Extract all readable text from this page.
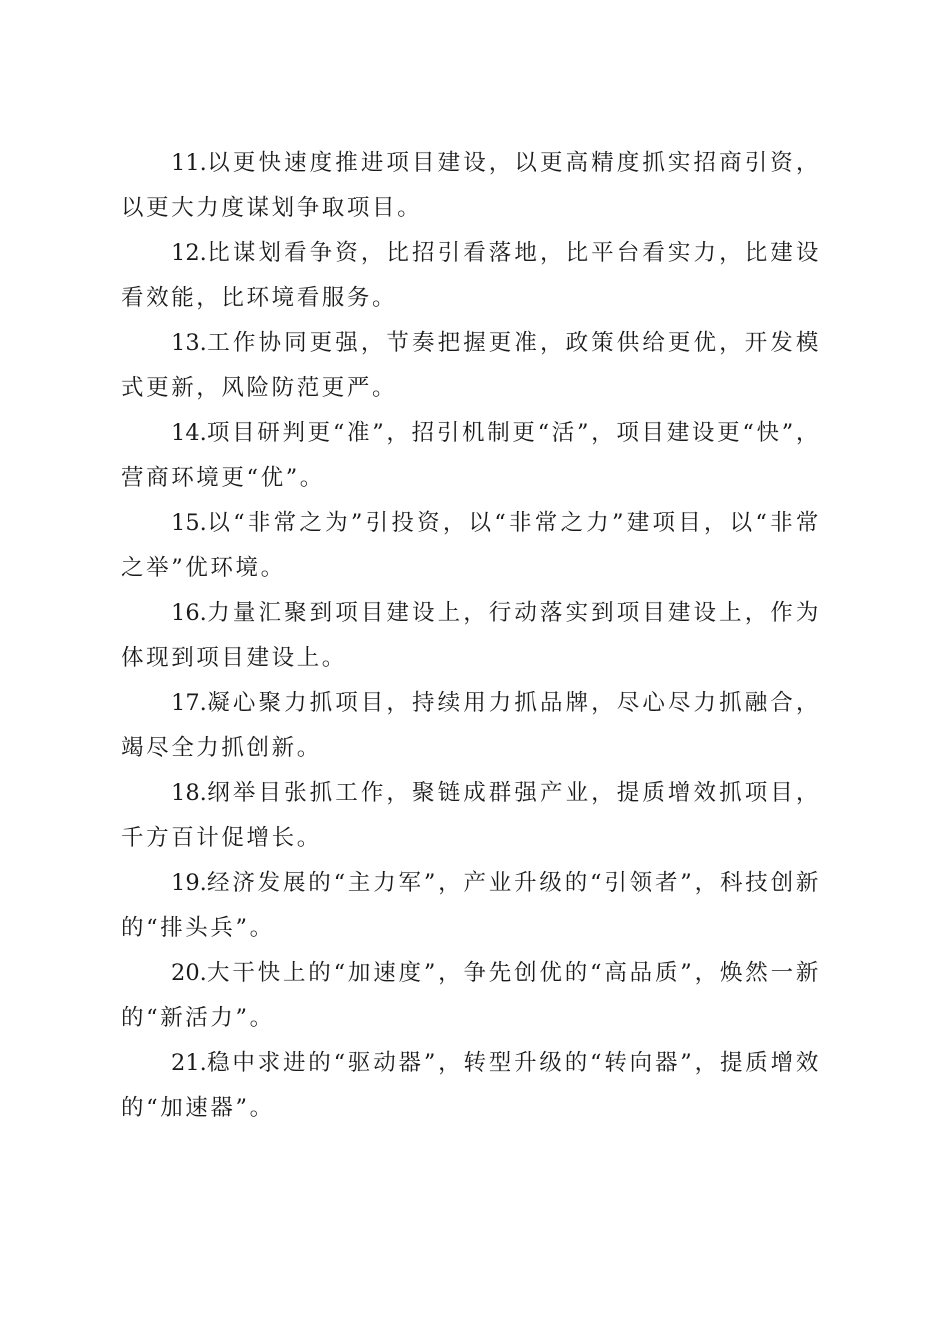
11.以更快速度推进项目建设，以更高精度抓实招商引资，以更大力度谋划争取项目。

12.比谋划看争资，比招引看落地，比平台看实力，比建设看效能，比环境看服务。

13.工作协同更强，节奏把握更准，政策供给更优，开发模式更新，风险防范更严。

14.项目研判更“准”，招引机制更“活”，项目建设更“快”，营商环境更“优”。

15.以“非常之为”引投资，以“非常之力”建项目，以“非常之举”优环境。

16.力量汇聚到项目建设上，行动落实到项目建设上，作为体现到项目建设上。

17.凝心聚力抓项目，持续用力抓品牌，尽心尽力抓融合，竭尽全力抓创新。

18.纲举目张抓工作，聚链成群强产业，提质增效抓项目，千方百计促增长。

19.经济发展的“主力军”，产业升级的“引领者”，科技创新的“排头兵”。

20.大干快上的“加速度”，争先创优的“高品质”，焕然一新的“新活力”。

21.稳中求进的“驱动器”，转型升级的“转向器”，提质增效的“加速器”。
